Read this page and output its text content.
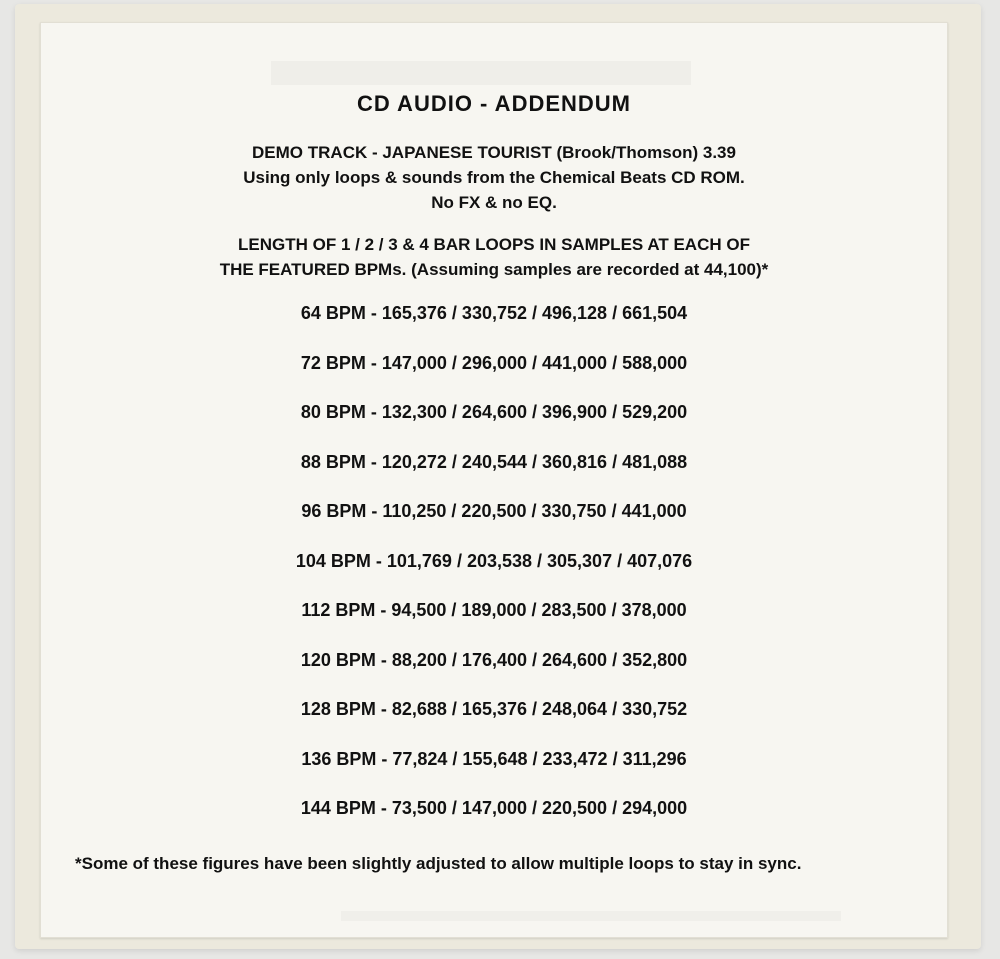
CD AUDIO - ADDENDUM
DEMO TRACK - JAPANESE TOURIST (Brook/Thomson) 3.39
Using only loops & sounds from the Chemical Beats CD ROM.
No FX & no EQ.
LENGTH OF 1 / 2 / 3 & 4 BAR LOOPS IN SAMPLES AT EACH OF
THE FEATURED BPMs. (Assuming samples are recorded at 44,100)*
64 BPM - 165,376 / 330,752 / 496,128 / 661,504
72 BPM - 147,000 / 296,000 / 441,000 / 588,000
80 BPM - 132,300 / 264,600 / 396,900 / 529,200
88 BPM - 120,272 / 240,544 / 360,816 / 481,088
96 BPM - 110,250 / 220,500 / 330,750 / 441,000
104 BPM - 101,769 / 203,538 / 305,307 / 407,076
112 BPM - 94,500 / 189,000 / 283,500 / 378,000
120 BPM - 88,200 / 176,400 / 264,600 / 352,800
128 BPM - 82,688 / 165,376 / 248,064 / 330,752
136 BPM - 77,824 / 155,648 / 233,472 / 311,296
144 BPM - 73,500 / 147,000 / 220,500 / 294,000
*Some of these figures have been slightly adjusted to allow multiple loops to stay in sync.
